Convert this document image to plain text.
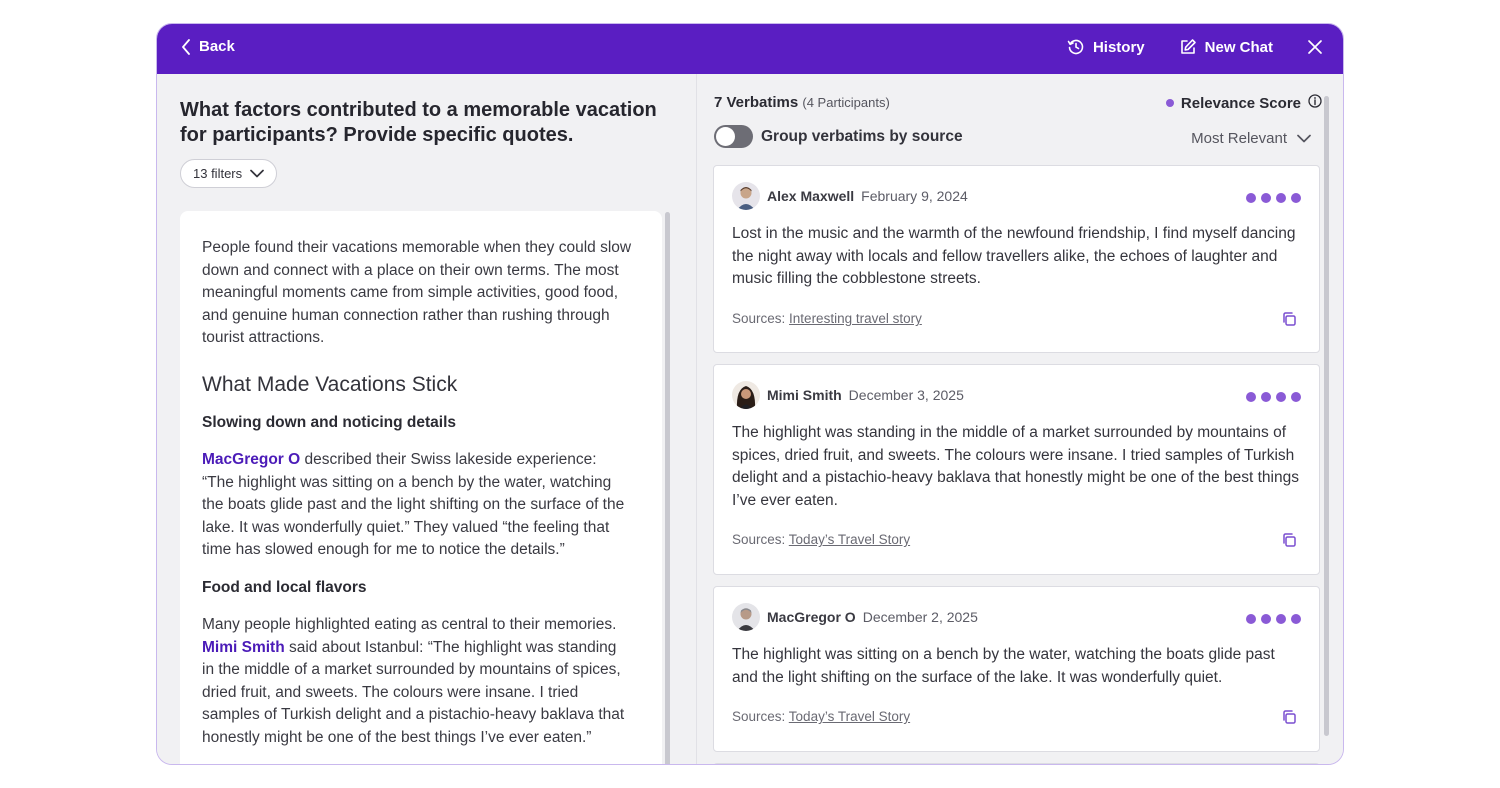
Back	History	New Chat
What factors contributed to a memorable vacation for participants? Provide specific quotes.
13 filters

People found their vacations memorable when they could slow down and connect with a place on their own terms. The most meaningful moments came from simple activities, good food, and genuine human connection rather than rushing through tourist attractions.

What Made Vacations Stick
Slowing down and noticing details

MacGregor O described their Swiss lakeside experience: “The highlight was sitting on a bench by the water, watching the boats glide past and the light shifting on the surface of the lake. It was wonderfully quiet.” They valued “the feeling that time has slowed enough for me to notice the details.”

Food and local flavors

Many people highlighted eating as central to their memories. Mimi Smith said about Istanbul: “The highlight was standing in the middle of a market surrounded by mountains of spices, dried fruit, and sweets. The colours were insane. I tried samples of Turkish delight and a pistachio-heavy baklava that honestly might be one of the best things I’ve ever eaten.”

7 Verbatims (4 Participants)	Relevance Score
Group verbatims by source	Most Relevant
Alex Maxwell February 9, 2024
Lost in the music and the warmth of the newfound friendship, I find myself dancing the night away with locals and fellow travellers alike, the echoes of laughter and music filling the cobblestone streets.
Sources: Interesting travel story
Mimi Smith December 3, 2025
The highlight was standing in the middle of a market surrounded by mountains of spices, dried fruit, and sweets. The colours were insane. I tried samples of Turkish delight and a pistachio-heavy baklava that honestly might be one of the best things I’ve ever eaten.
Sources: Today’s Travel Story
MacGregor O December 2, 2025
The highlight was sitting on a bench by the water, watching the boats glide past and the light shifting on the surface of the lake. It was wonderfully quiet.
Sources: Today’s Travel Story
